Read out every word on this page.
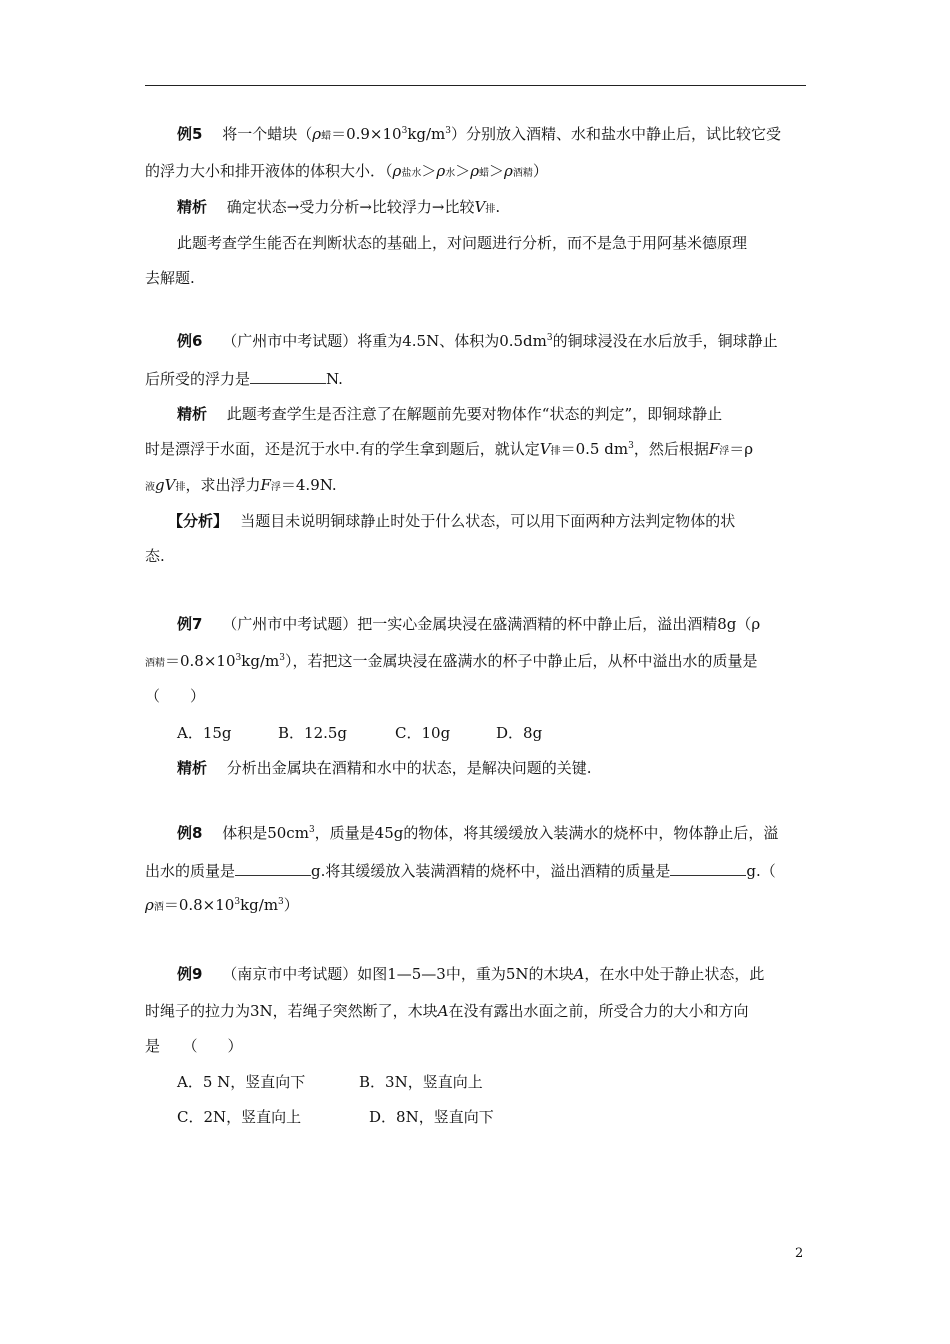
例5　 将一个蜡块（ρ蜡$=0.9\times 10^3kg/m^3$）分别放入酒精、水和盐水中静止后，试比较它受
的浮力大小和排开液体的体积大小．（ρ盐水＞ρ水＞ρ蜡＞ρ酒精）
精析　 确定状态→受力分析→比较浮力→比较V排.
此题考查学生能否在判断状态的基础上，对问题进行分析，而不是急于用阿基米德原理
去解题.
例6　 （广州市中考试题）将重为4.5N、体积为$0.5dm^3$的铜球浸没在水后放手，铜球静止
后所受的浮力是	N.
精析　 此题考查学生是否注意了在解题前先要对物体作“状态的判定”，即铜球静止
时是漂浮于水面，还是沉于水中.有的学生拿到题后，就认定V排＝0.5 $dm^3$，然后根据F浮＝ρ
液gV排，求出浮力F浮＝4.9N.
【分析】　 当题目未说明铜球静止时处于什么状态，可以用下面两种方法判定物体的状
态.
例7　 （广州市中考试题）把一实心金属块浸在盛满酒精的杯中静止后，溢出酒精8g（ρ
酒精$=0.8\times 10^3kg/m^3$），若把这一金属块浸在盛满水的杯子中静止后，从杯中溢出水的质量是
（　　）
A．15g	B．12.5g	C．10g	D．8g
精析　 分析出金属块在酒精和水中的状态，是解决问题的关键.
例8　 体积是$50cm^3$，质量是45g的物体，将其缓缓放入装满水的烧杯中，物体静止后，溢
出水的质量是	g.将其缓缓放入装满酒精的烧杯中，溢出酒精的质量是	g.（
ρ酒$=0.8\times 10^3kg/m^3$）
例9　 （南京市中考试题）如图1—5—3中，重为5N的木块A，在水中处于静止状态，此
时绳子的拉力为3N，若绳子突然断了，木块A在没有露出水面之前，所受合力的大小和方向
是　　（　　）
A．5 N，竖直向下	B．3N，竖直向上
C．2N，竖直向上	D．8N，竖直向下
2
